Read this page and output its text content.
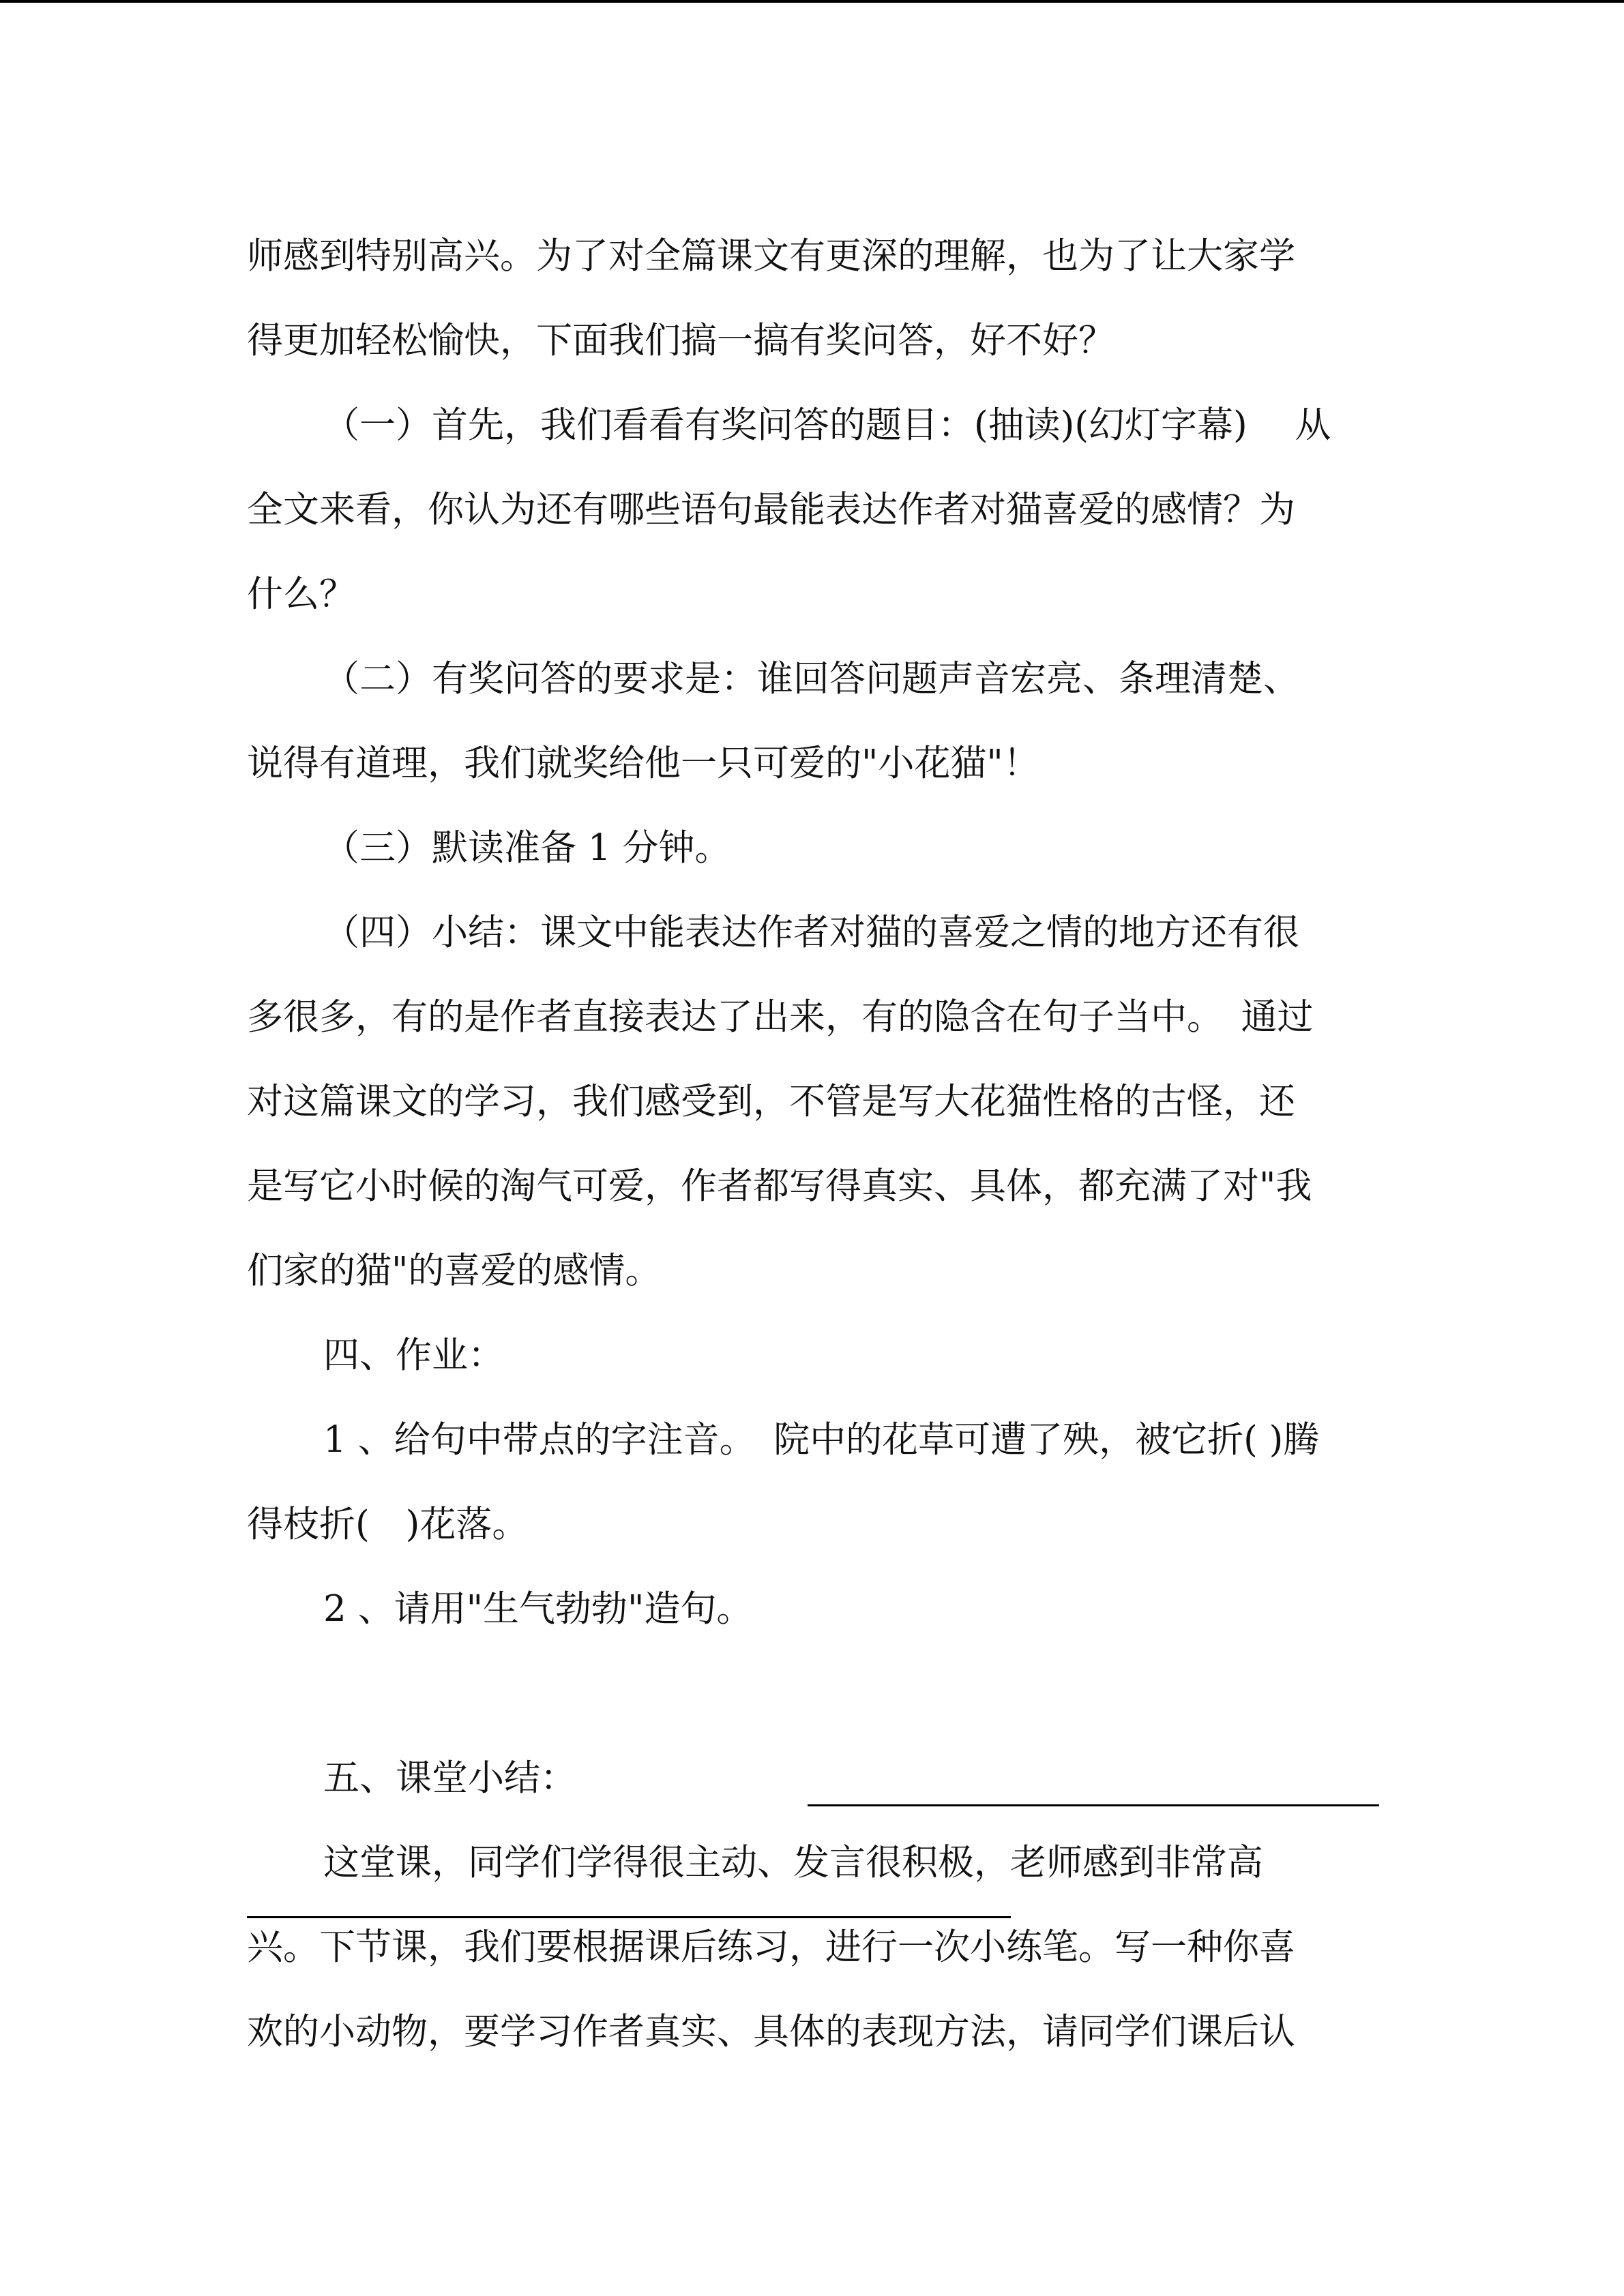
师感到特别高兴。为了对全篇课文有更深的理解，也为了让大家学
得更加轻松愉快，下面我们搞一搞有奖问答，好不好？
（一）首先，我们看看有奖问答的题目：(抽读)(幻灯字幕)　 从
全文来看，你认为还有哪些语句最能表达作者对猫喜爱的感情？为
什么？
（二）有奖问答的要求是：谁回答问题声音宏亮、条理清楚、
说得有道理，我们就奖给他一只可爱的"小花猫"！
（三）默读准备 1 分钟。
（四）小结：课文中能表达作者对猫的喜爱之情的地方还有很
多很多，有的是作者直接表达了出来，有的隐含在句子当中。　通过
对这篇课文的学习，我们感受到，不管是写大花猫性格的古怪，还
是写它小时候的淘气可爱，作者都写得真实、具体，都充满了对"我
们家的猫"的喜爱的感情。
四、作业：
1 、给句中带点的字注音。　院中的花草可遭了殃，被它折( )腾
得枝折(　)花落。
2 、请用"生气勃勃"造句。
五、课堂小结：
这堂课，同学们学得很主动、发言很积极，老师感到非常高
兴。下节课，我们要根据课后练习，进行一次小练笔。写一种你喜
欢的小动物，要学习作者真实、具体的表现方法，请同学们课后认
